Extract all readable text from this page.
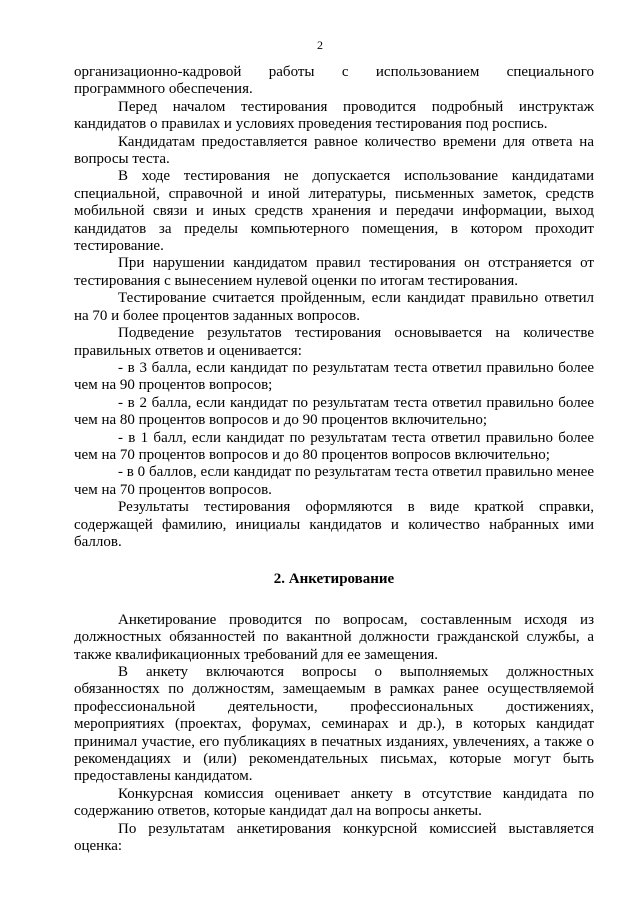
2

организационно-кадровой работы с использованием специального программного обеспечения.

Перед началом тестирования проводится подробный инструктаж кандидатов о правилах и условиях проведения тестирования под роспись.

Кандидатам предоставляется равное количество времени для ответа на вопросы теста.

В ходе тестирования не допускается использование кандидатами специальной, справочной и иной литературы, письменных заметок, средств мобильной связи и иных средств хранения и передачи информации, выход кандидатов за пределы компьютерного помещения, в котором проходит тестирование.

При нарушении кандидатом правил тестирования он отстраняется от тестирования с вынесением нулевой оценки по итогам тестирования.

Тестирование считается пройденным, если кандидат правильно ответил на 70 и более процентов заданных вопросов.

Подведение результатов тестирования основывается на количестве правильных ответов и оценивается:

- в 3 балла, если кандидат по результатам теста ответил правильно более чем на 90 процентов вопросов;

- в 2 балла, если кандидат по результатам теста ответил правильно более чем на 80 процентов вопросов и до 90 процентов включительно;

- в 1 балл, если кандидат по результатам теста ответил правильно более чем на 70 процентов вопросов и до 80 процентов вопросов включительно;

- в 0 баллов, если кандидат по результатам теста ответил правильно менее чем на 70 процентов вопросов.

Результаты тестирования оформляются в виде краткой справки, содержащей фамилию, инициалы кандидатов и количество набранных ими баллов.

2. Анкетирование

Анкетирование проводится по вопросам, составленным исходя из должностных обязанностей по вакантной должности гражданской службы, а также квалификационных требований для ее замещения.

В анкету включаются вопросы о выполняемых должностных обязанностях по должностям, замещаемым в рамках ранее осуществляемой профессиональной деятельности, профессиональных достижениях, мероприятиях (проектах, форумах, семинарах и др.), в которых кандидат принимал участие, его публикациях в печатных изданиях, увлечениях, а также о рекомендациях и (или) рекомендательных письмах, которые могут быть предоставлены кандидатом.

Конкурсная комиссия оценивает анкету в отсутствие кандидата по содержанию ответов, которые кандидат дал на вопросы анкеты.

По результатам анкетирования конкурсной комиссией выставляется оценка:
